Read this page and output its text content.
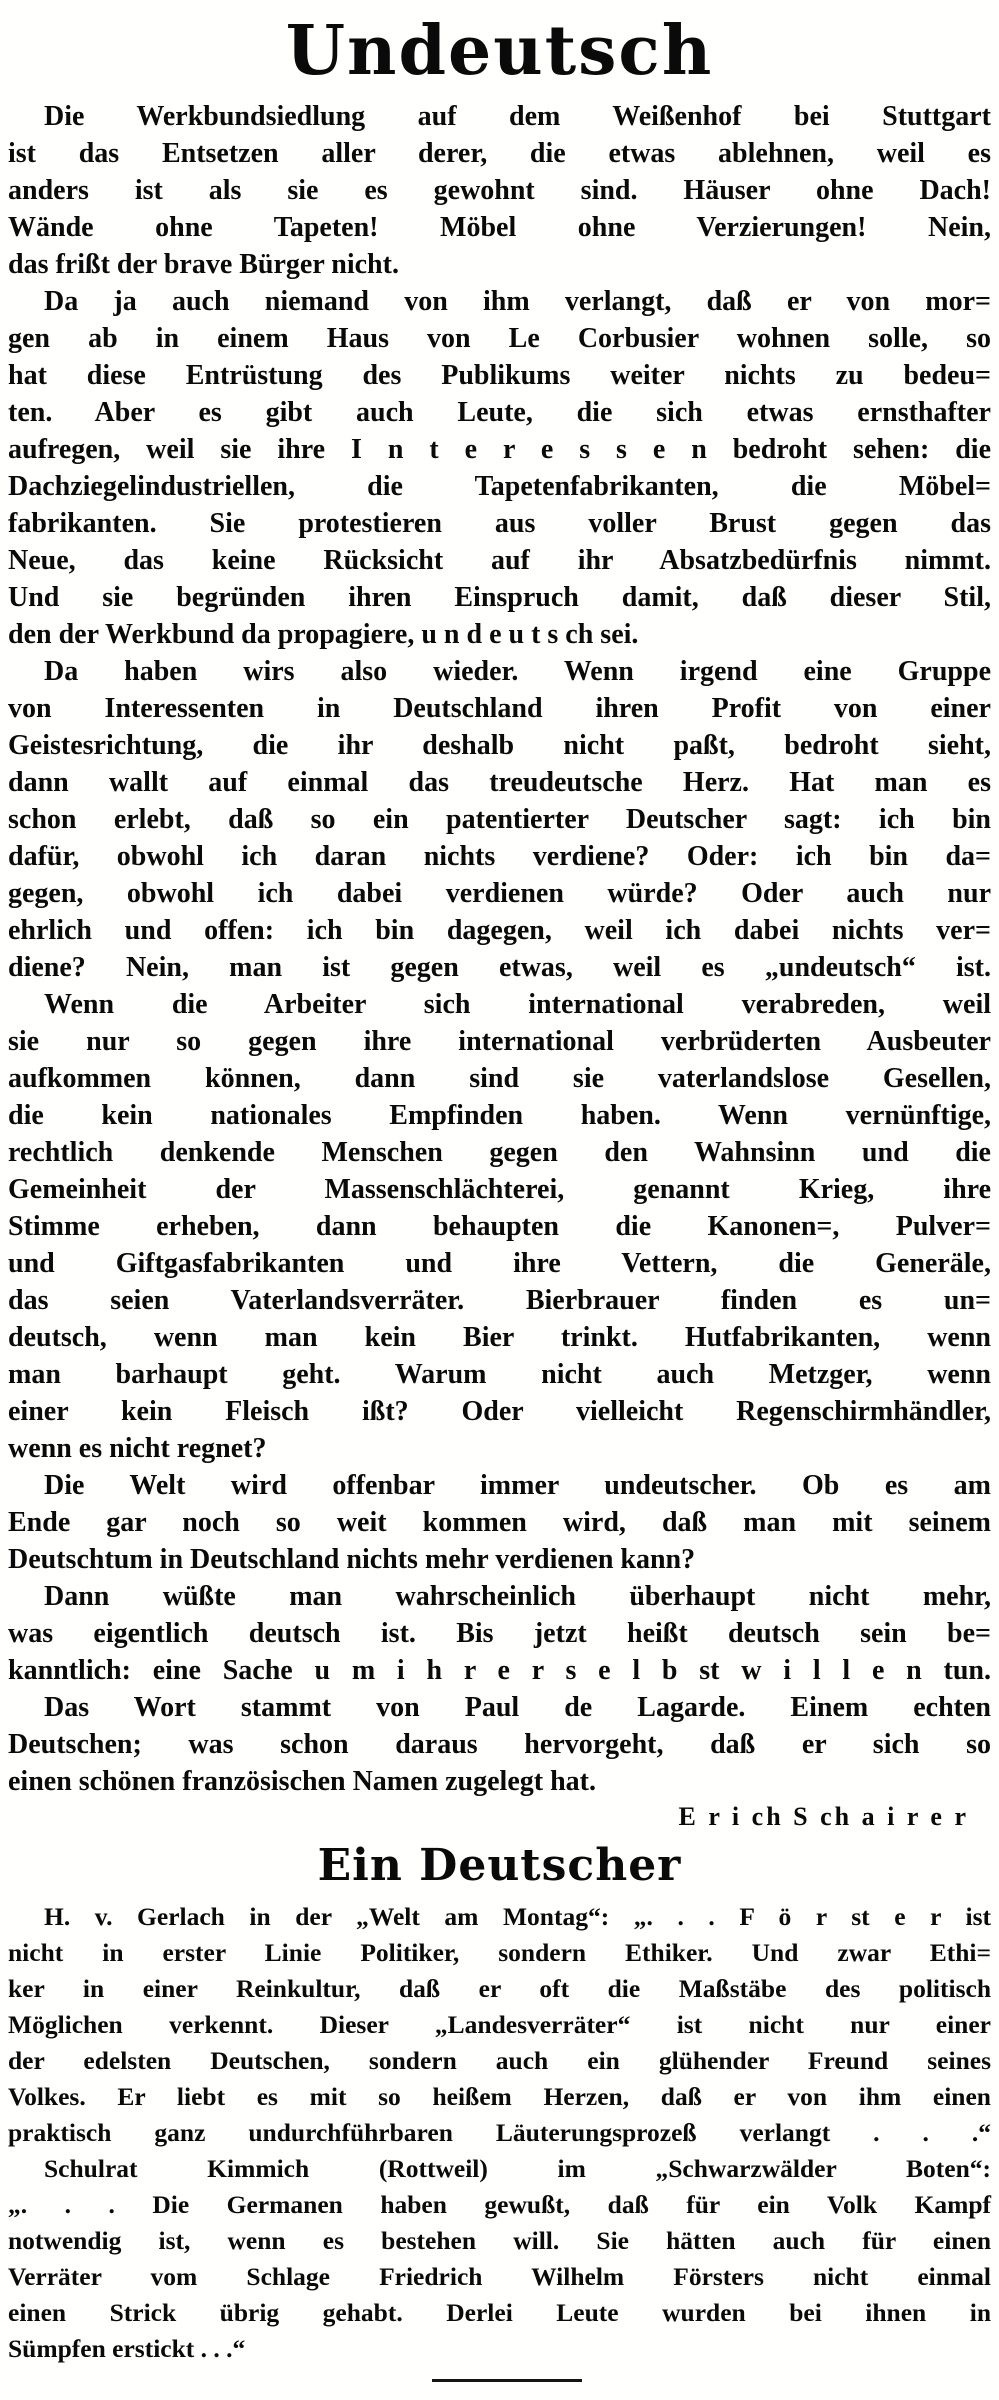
Undeutsch
Die Werkbundsiedlung auf dem Weißenhof bei Stuttgart
ist das Entsetzen aller derer, die etwas ablehnen, weil es
anders ist als sie es gewohnt sind. Häuser ohne Dach!
Wände ohne Tapeten! Möbel ohne Verzierungen! Nein,
das frißt der brave Bürger nicht.
Da ja auch niemand von ihm verlangt, daß er von mor=
gen ab in einem Haus von Le Corbusier wohnen solle, so
hat diese Entrüstung des Publikums weiter nichts zu bedeu=
ten. Aber es gibt auch Leute, die sich etwas ernsthafter
aufregen, weil sie ihre I n t e r e s s e n bedroht sehen: die
Dachziegelindustriellen, die Tapetenfabrikanten, die Möbel=
fabrikanten. Sie protestieren aus voller Brust gegen das
Neue, das keine Rücksicht auf ihr Absatzbedürfnis nimmt.
Und sie begründen ihren Einspruch damit, daß dieser Stil,
den der Werkbund da propagiere, u n d e u t s ch sei.
Da haben wirs also wieder. Wenn irgend eine Gruppe
von Interessenten in Deutschland ihren Profit von einer
Geistesrichtung, die ihr deshalb nicht paßt, bedroht sieht,
dann wallt auf einmal das treudeutsche Herz. Hat man es
schon erlebt, daß so ein patentierter Deutscher sagt: ich bin
dafür, obwohl ich daran nichts verdiene? Oder: ich bin da=
gegen, obwohl ich dabei verdienen würde? Oder auch nur
ehrlich und offen: ich bin dagegen, weil ich dabei nichts ver=
diene? Nein, man ist gegen etwas, weil es „undeutsch“ ist.
Wenn die Arbeiter sich international verabreden, weil
sie nur so gegen ihre international verbrüderten Ausbeuter
aufkommen können, dann sind sie vaterlandslose Gesellen,
die kein nationales Empfinden haben. Wenn vernünftige,
rechtlich denkende Menschen gegen den Wahnsinn und die
Gemeinheit der Massenschlächterei, genannt Krieg, ihre
Stimme erheben, dann behaupten die Kanonen=, Pulver=
und Giftgasfabrikanten und ihre Vettern, die Generäle,
das seien Vaterlandsverräter. Bierbrauer finden es un=
deutsch, wenn man kein Bier trinkt. Hutfabrikanten, wenn
man barhaupt geht. Warum nicht auch Metzger, wenn
einer kein Fleisch ißt? Oder vielleicht Regenschirmhändler,
wenn es nicht regnet?
Die Welt wird offenbar immer undeutscher. Ob es am
Ende gar noch so weit kommen wird, daß man mit seinem
Deutschtum in Deutschland nichts mehr verdienen kann?
Dann wüßte man wahrscheinlich überhaupt nicht mehr,
was eigentlich deutsch ist. Bis jetzt heißt deutsch sein be=
kanntlich: eine Sache u m i h r e r s e l b st w i l l e n tun.
Das Wort stammt von Paul de Lagarde. Einem echten
Deutschen; was schon daraus hervorgeht, daß er sich so
einen schönen französischen Namen zugelegt hat.
E r i ch S ch a i r e r
Ein Deutscher
H. v. Gerlach in der „Welt am Montag“: „. . . F ö r st e r ist
nicht in erster Linie Politiker, sondern Ethiker. Und zwar Ethi=
ker in einer Reinkultur, daß er oft die Maßstäbe des politisch
Möglichen verkennt. Dieser „Landesverräter“ ist nicht nur einer
der edelsten Deutschen, sondern auch ein glühender Freund seines
Volkes. Er liebt es mit so heißem Herzen, daß er von ihm einen
praktisch ganz undurchführbaren Läuterungsprozeß verlangt . . .“
Schulrat Kimmich (Rottweil) im „Schwarzwälder Boten“:
„. . . Die Germanen haben gewußt, daß für ein Volk Kampf
notwendig ist, wenn es bestehen will. Sie hätten auch für einen
Verräter vom Schlage Friedrich Wilhelm Försters nicht einmal
einen Strick übrig gehabt. Derlei Leute wurden bei ihnen in
Sümpfen erstickt . . .“
